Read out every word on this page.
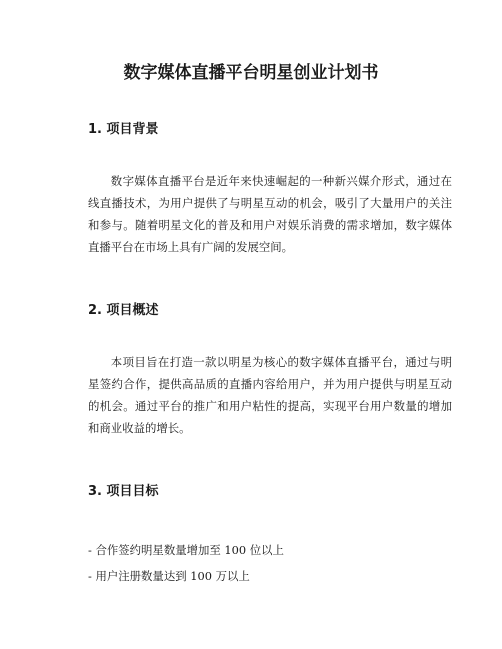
数字媒体直播平台明星创业计划书
1. 项目背景

数字媒体直播平台是近年来快速崛起的一种新兴媒介形式，通过在线直播技术，为用户提供了与明星互动的机会，吸引了大量用户的关注和参与。随着明星文化的普及和用户对娱乐消费的需求增加，数字媒体直播平台在市场上具有广阔的发展空间。

2. 项目概述

本项目旨在打造一款以明星为核心的数字媒体直播平台，通过与明星签约合作，提供高品质的直播内容给用户，并为用户提供与明星互动的机会。通过平台的推广和用户粘性的提高，实现平台用户数量的增加和商业收益的增长。

3. 项目目标

- 合作签约明星数量增加至 100 位以上

- 用户注册数量达到 100 万以上
